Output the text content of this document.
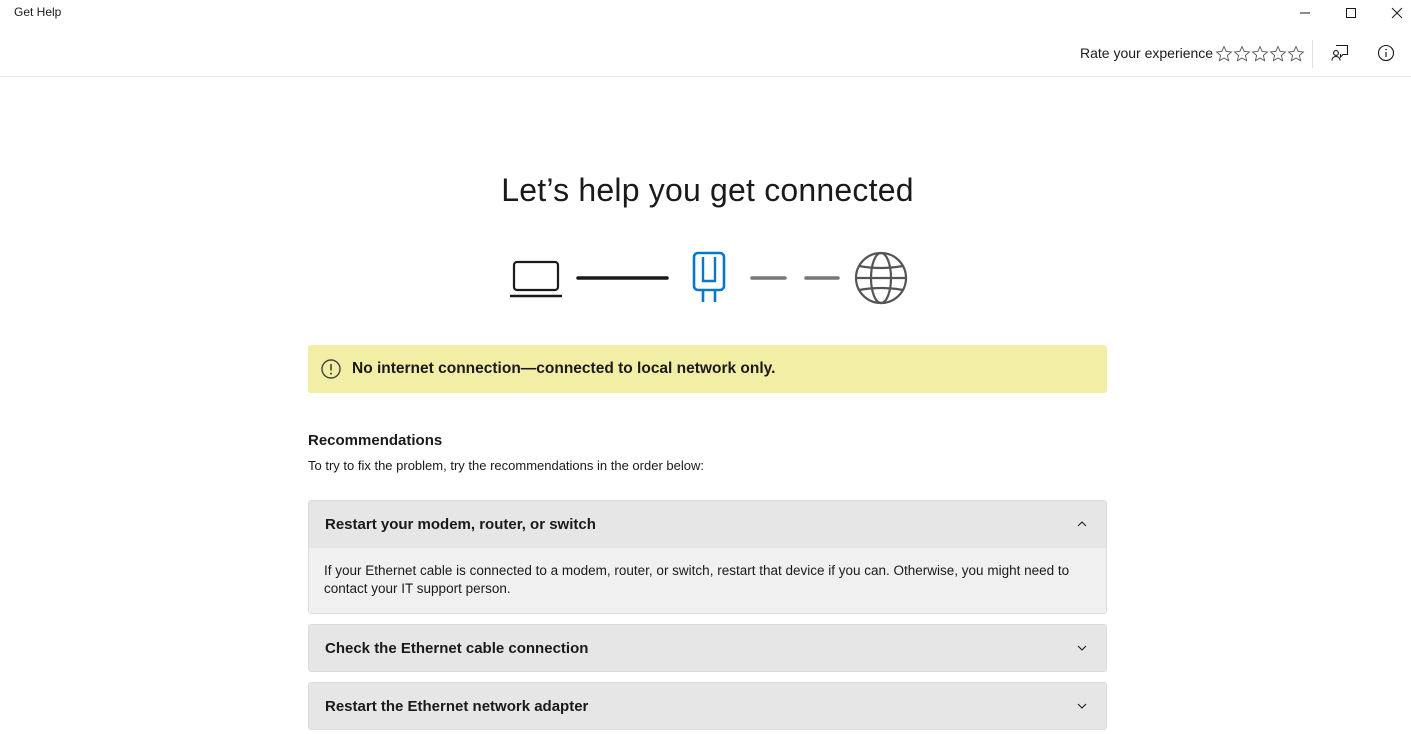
Get Help
Rate your experience
Let’s help you get connected
No internet connection—connected to local network only.
Recommendations
To try to fix the problem, try the recommendations in the order below:
Restart your modem, router, or switch
If your Ethernet cable is connected to a modem, router, or switch, restart that device if you can. Otherwise, you might need to contact your IT support person.
Check the Ethernet cable connection
Restart the Ethernet network adapter
